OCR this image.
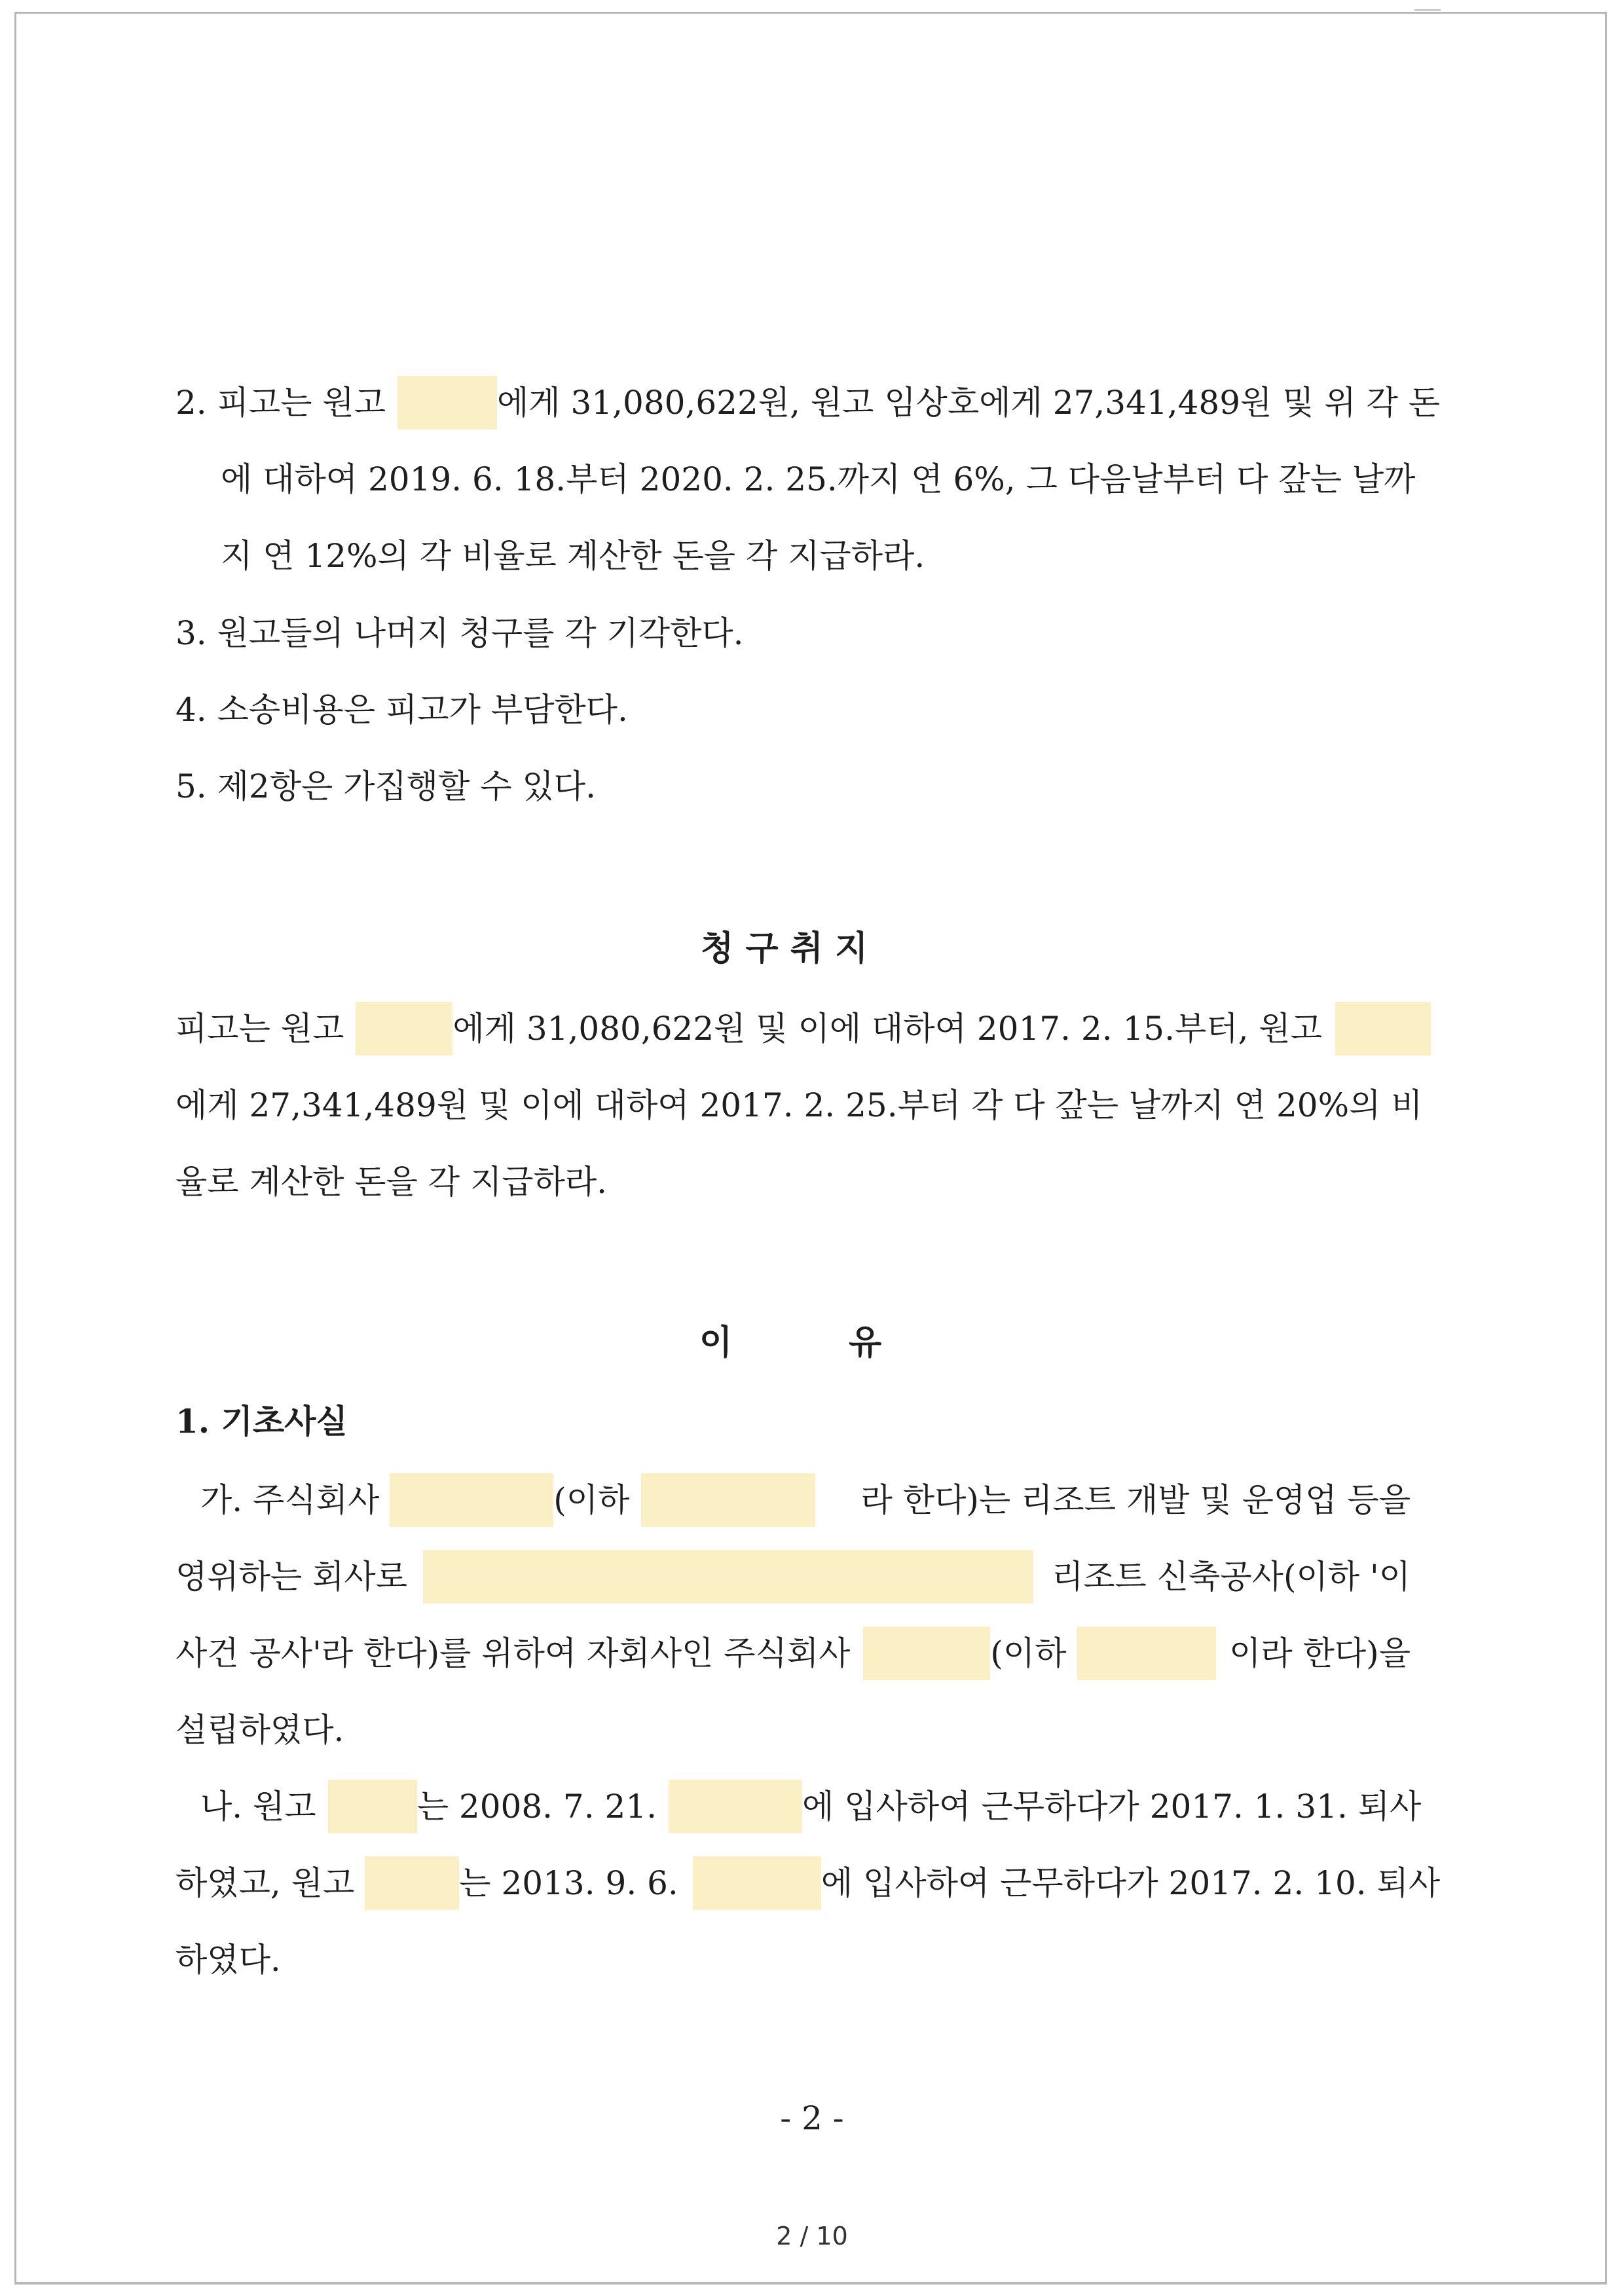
2. 피고는 원고	에게 31,080,622원, 원고 임상호에게 27,341,489원 및 위 각 돈
에 대하여 2019. 6. 18.부터 2020. 2. 25.까지 연 6%, 그 다음날부터 다 갚는 날까
지 연 12%의 각 비율로 계산한 돈을 각 지급하라.
3. 원고들의 나머지 청구를 각 기각한다.
4. 소송비용은 피고가 부담한다.
5. 제2항은 가집행할 수 있다.
청 구 취 지
피고는 원고	에게 31,080,622원 및 이에 대하여 2017. 2. 15.부터, 원고
에게 27,341,489원 및 이에 대하여 2017. 2. 25.부터 각 다 갚는 날까지 연 20%의 비
율로 계산한 돈을 각 지급하라.
이	유
1. 기초사실
가. 주식회사	(이하	라 한다)는 리조트 개발 및 운영업 등을
영위하는 회사로	리조트 신축공사(이하 '이
사건 공사'라 한다)를 위하여 자회사인 주식회사	(이하	이라 한다)을
설립하였다.
나. 원고	는 2008. 7. 21.	에 입사하여 근무하다가 2017. 1. 31. 퇴사
하였고, 원고	는 2013. 9. 6.	에 입사하여 근무하다가 2017. 2. 10. 퇴사
하였다.
- 2 -
2 / 10
